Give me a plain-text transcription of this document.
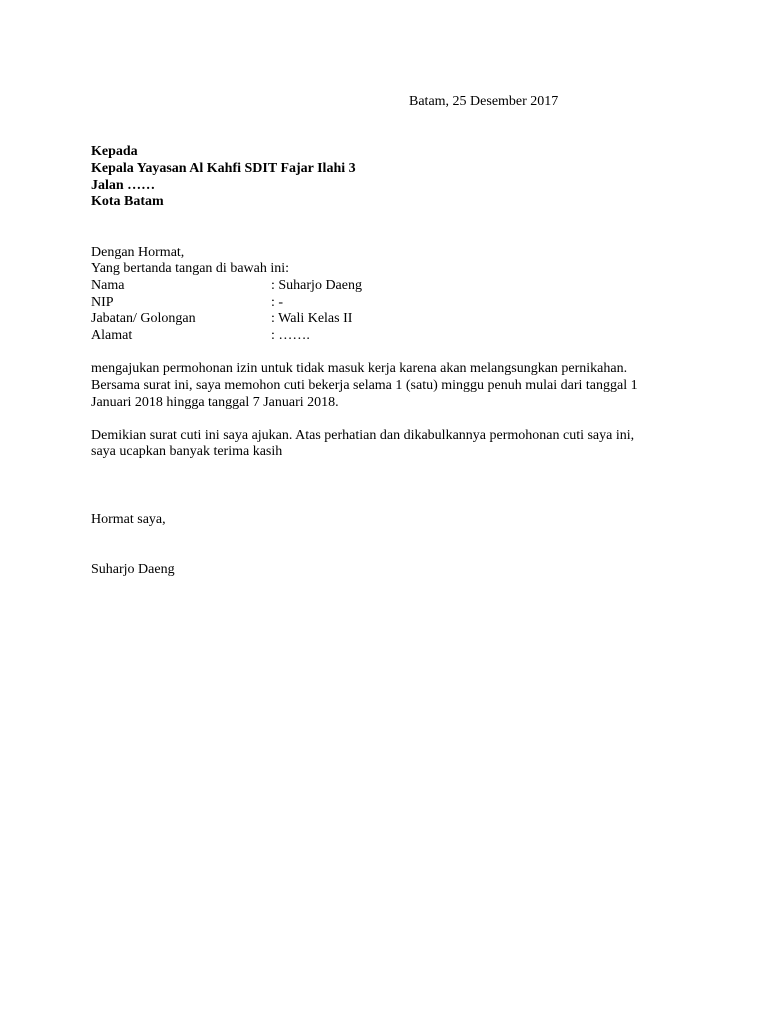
Batam, 25 Desember 2017
Kepada
Kepala Yayasan Al Kahfi SDIT Fajar Ilahi 3
Jalan ……
Kota Batam
Dengan Hormat,
Yang bertanda tangan di bawah ini:
Nama	: Suharjo Daeng
NIP	: -
Jabatan/ Golongan	: Wali Kelas II
Alamat	: …….
mengajukan permohonan izin untuk tidak masuk kerja karena akan melangsungkan pernikahan.
Bersama surat ini, saya memohon cuti bekerja selama 1 (satu) minggu penuh mulai dari tanggal 1
Januari 2018 hingga tanggal 7 Januari 2018.
Demikian surat cuti ini saya ajukan. Atas perhatian dan dikabulkannya permohonan cuti saya ini,
saya ucapkan banyak terima kasih
Hormat saya,
Suharjo Daeng
